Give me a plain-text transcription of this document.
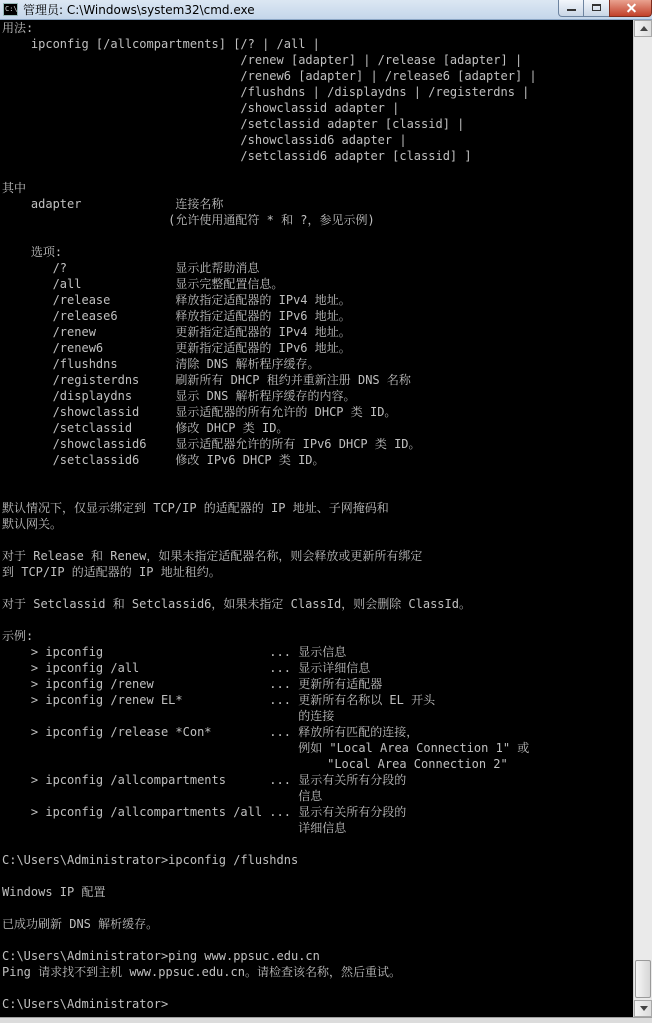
C:\ 管理员: C:\Windows\system32\cmd.exe
用法:
ipconfig [/allcompartments] [/? | /all |
/renew [adapter] | /release [adapter] |
/renew6 [adapter] | /release6 [adapter] |
/flushdns | /displaydns | /registerdns |
/showclassid adapter |
/setclassid adapter [classid] |
/showclassid6 adapter |
/setclassid6 adapter [classid] ]
其中
adapter             连接名称
(允许使用通配符 * 和 ?，参见示例)
选项:
/?               显示此帮助消息
/all             显示完整配置信息。
/release         释放指定适配器的 IPv4 地址。
/release6        释放指定适配器的 IPv6 地址。
/renew           更新指定适配器的 IPv4 地址。
/renew6          更新指定适配器的 IPv6 地址。
/flushdns        清除 DNS 解析程序缓存。
/registerdns     刷新所有 DHCP 租约并重新注册 DNS 名称
/displaydns      显示 DNS 解析程序缓存的内容。
/showclassid     显示适配器的所有允许的 DHCP 类 ID。
/setclassid      修改 DHCP 类 ID。
/showclassid6    显示适配器允许的所有 IPv6 DHCP 类 ID。
/setclassid6     修改 IPv6 DHCP 类 ID。
默认情况下，仅显示绑定到 TCP/IP 的适配器的 IP 地址、子网掩码和
默认网关。
对于 Release 和 Renew，如果未指定适配器名称，则会释放或更新所有绑定
到 TCP/IP 的适配器的 IP 地址租约。
对于 Setclassid 和 Setclassid6，如果未指定 ClassId，则会删除 ClassId。
示例:
> ipconfig                       ... 显示信息
> ipconfig /all                  ... 显示详细信息
> ipconfig /renew                ... 更新所有适配器
> ipconfig /renew EL*            ... 更新所有名称以 EL 开头
的连接
> ipconfig /release *Con*        ... 释放所有匹配的连接，
例如 "Local Area Connection 1" 或
"Local Area Connection 2"
> ipconfig /allcompartments      ... 显示有关所有分段的
信息
> ipconfig /allcompartments /all ... 显示有关所有分段的
详细信息
C:\Users\Administrator>ipconfig /flushdns
Windows IP 配置
已成功刷新 DNS 解析缓存。
C:\Users\Administrator>ping www.ppsuc.edu.cn
Ping 请求找不到主机 www.ppsuc.edu.cn。请检查该名称，然后重试。
C:\Users\Administrator>
